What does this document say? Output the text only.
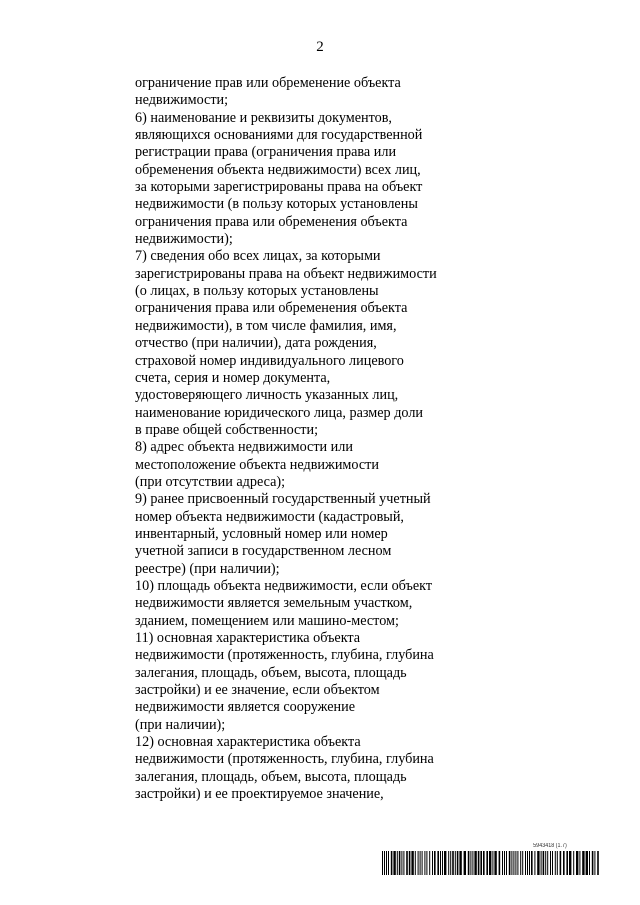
2
ограничение прав или обременение объекта
недвижимости;
6) наименование и реквизиты документов,
являющихся основаниями для государственной
регистрации права (ограничения права или
обременения объекта недвижимости) всех лиц,
за которыми зарегистрированы права на объект
недвижимости (в пользу которых установлены
ограничения права или обременения объекта
недвижимости);
7) сведения обо всех лицах, за которыми
зарегистрированы права на объект недвижимости
(о лицах, в пользу которых установлены
ограничения права или обременения объекта
недвижимости), в том числе фамилия, имя,
отчество (при наличии), дата рождения,
страховой номер индивидуального лицевого
счета, серия и номер документа,
удостоверяющего личность указанных лиц,
наименование юридического лица, размер доли
в праве общей собственности;
8) адрес объекта недвижимости или
местоположение объекта недвижимости
(при отсутствии адреса);
9) ранее присвоенный государственный учетный
номер объекта недвижимости (кадастровый,
инвентарный, условный номер или номер
учетной записи в государственном лесном
реестре) (при наличии);
10) площадь объекта недвижимости, если объект
недвижимости является земельным участком,
зданием, помещением или машино-местом;
11) основная характеристика объекта
недвижимости (протяженность, глубина, глубина
залегания, площадь, объем, высота, площадь
застройки) и ее значение, если объектом
недвижимости является сооружение
(при наличии);
12) основная характеристика объекта
недвижимости (протяженность, глубина, глубина
залегания, площадь, объем, высота, площадь
застройки) и ее проектируемое значение,
5943418 (1.7)
